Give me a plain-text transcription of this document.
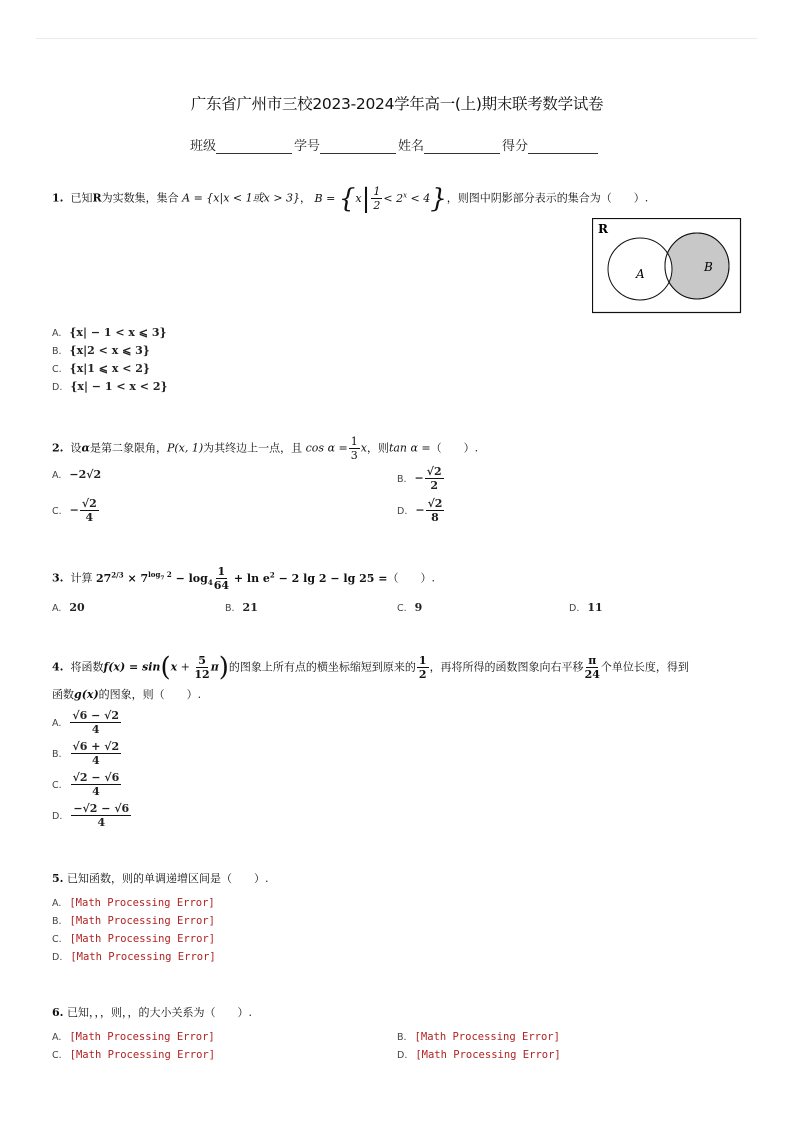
广东省广州市三校2023-2024学年高一(上)期末联考数学试卷
班级	学号	姓名	得分
1. 已知R为实数集，集合 A = {x|x < 1或x > 3}， $B = \{x| \frac{1}{2} < 2^x < 4\}$，则图中阴影部分表示的集合为（　　）.
R
A	B
A. {x| − 1 < x ⩽ 3}
B. {x|2 < x ⩽ 3}
C. {x|1 ⩽ x < 2}
D. {x| − 1 < x < 2}
2. 设α是第二象限角，P(x, 1)为其终边上一点，且 $\cos \alpha = \frac{1}{3}$ x，则tan α =（　　）.
A. −2√2	B. − $\frac{√2}{2}$
C. − $\frac{√2}{4}$	D. − $\frac{√2}{8}$
3. 计算 $27^{2/3} \times 7^{log_7 2} - \log_4 \frac{1}{64} + \ln e^2 - 2$ lg 2 − lg 25 =（　　）.
A. 20	B. 21	C. 9	D. 11
4. 将函数$f(x) = \sin(x + \frac{5}{12} \pi)$的图象上所有点的横坐标缩短到原来的 $\frac{1}{2}$ ，再将所得的函数图象向右平移 $\frac{\pi}{24}$ 个单位长度，得到
函数g(x)的图象，则（　　）.
A. $\frac{√6 - √2}{4}$
B. $\frac{√6 + √2}{4}$
C. $\frac{√2 - √6}{4}$
D. $\frac{-√2 - √6}{4}$
5. 已知函数，则的单调递增区间是（　　）.
A. [Math Processing Error]
B. [Math Processing Error]
C. [Math Processing Error]
D. [Math Processing Error]
6. 已知，，，则，，的大小关系为（　　）.
A. [Math Processing Error]	B. [Math Processing Error]
C. [Math Processing Error]	D. [Math Processing Error]
